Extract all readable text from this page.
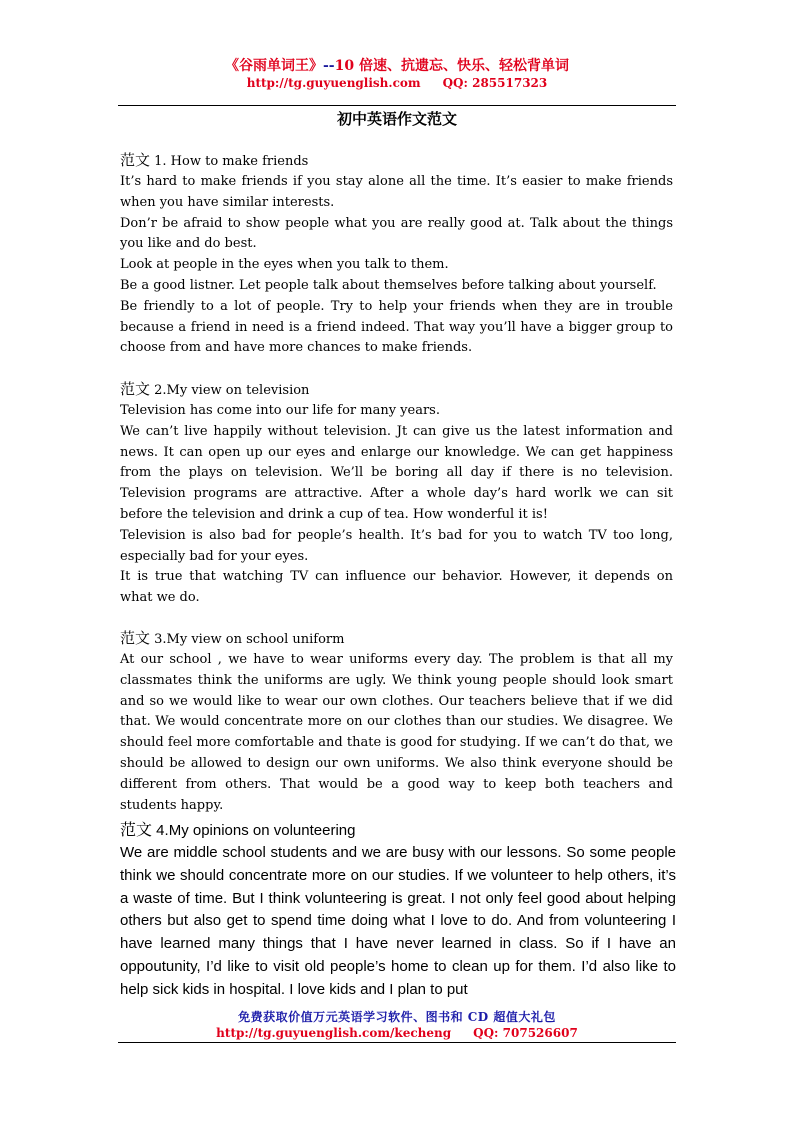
《谷雨单词王》--10 倍速、抗遗忘、快乐、轻松背单词
http://tg.guyuenglish.com QQ: 285517323
初中英语作文范文
范文 1. How to make friends

It’s hard to make friends if you stay alone all the time. It’s easier to make friends when you have similar interests.

Don’r be afraid to show people what you are really good at. Talk about the things you like and do best.

Look at people in the eyes when you talk to them.

Be a good listner. Let people talk about themselves before talking about yourself.

Be friendly to a lot of people. Try to help your friends when they are in trouble because a friend in need is a friend indeed. That way you’ll have a bigger group to choose from and have more chances to make friends.

范文 2.My view on television

Television has come into our life for many years.

We can’t live happily without television. Jt can give us the latest information and news. It can open up our eyes and enlarge our knowledge. We can get happiness from the plays on television. We’ll be boring all day if there is no television. Television programs are attractive. After a whole day’s hard worlk we can sit before the television and drink a cup of tea. How wonderful it is!

Television is also bad for people’s health. It’s bad for you to watch TV too long, especially bad for your eyes.

It is true that watching TV can influence our behavior. However, it depends on what we do.

范文 3.My view on school uniform

At our school , we have to wear uniforms every day. The problem is that all my classmates think the uniforms are ugly. We think young people should look smart and so we would like to wear our own clothes. Our teachers believe that if we did that. We would concentrate more on our clothes than our studies. We disagree. We should feel more comfortable and thate is good for studying. If we can’t do that, we should be allowed to design our own uniforms. We also think everyone should be different from others. That would be a good way to keep both teachers and students happy.

范文 4.My opinions on volunteering

We are middle school students and we are busy with our lessons. So some people think we should concentrate more on our studies. If we volunteer to help others, it’s a waste of time. But I think volunteering is great. I not only feel good about helping others but also get to spend time doing what I love to do. And from volunteering I have learned many things that I have never learned in class. So if I have an oppoutunity, I’d like to visit old people’s home to clean up for them. I’d also like to help sick kids in hospital. I love kids and I plan to put

免费获取价值万元英语学习软件、图书和 CD 超值大礼包
http://tg.guyuenglish.com/kecheng QQ: 707526607
